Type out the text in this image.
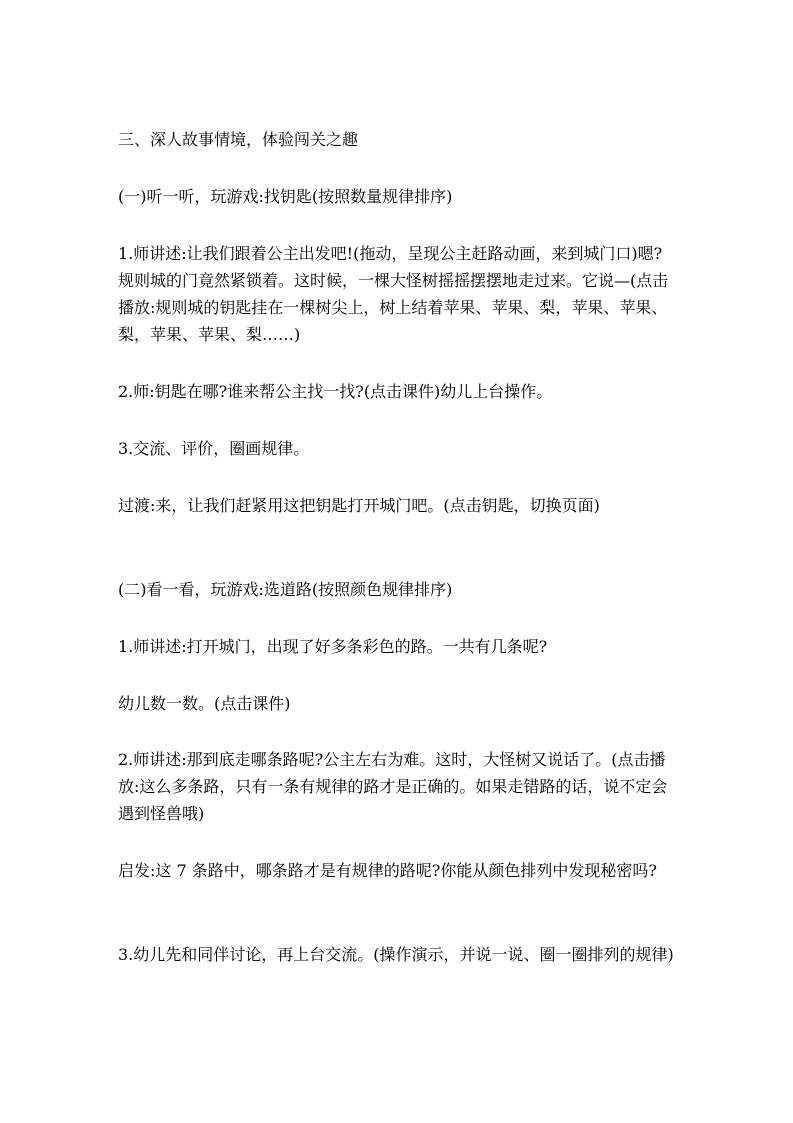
三、深人故事情境，体验闯关之趣

(一)听一听，玩游戏:找钥匙(按照数量规律排序)

1.师讲述:让我们跟着公主出发吧!(拖动，呈现公主赶路动画，来到城门口)嗯?规则城的门竟然紧锁着。这时候，一棵大怪树摇摇摆摆地走过来。它说—(点击播放:规则城的钥匙挂在一棵树尖上，树上结着苹果、苹果、梨，苹果、苹果、梨，苹果、苹果、梨……)

2.师:钥匙在哪?谁来帮公主找一找?(点击课件)幼儿上台操作。

3.交流、评价，圈画规律。

过渡:来，让我们赶紧用这把钥匙打开城门吧。(点击钥匙，切换页面)

(二)看一看，玩游戏:选道路(按照颜色规律排序)

1.师讲述:打开城门，出现了好多条彩色的路。一共有几条呢?

幼儿数一数。(点击课件)

2.师讲述:那到底走哪条路呢?公主左右为难。这时，大怪树又说话了。(点击播放:这么多条路，只有一条有规律的路才是正确的。如果走错路的话，说不定会遇到怪兽哦)

启发:这 7 条路中，哪条路才是有规律的路呢?你能从颜色排列中发现秘密吗?

3.幼儿先和同伴讨论，再上台交流。(操作演示，并说一说、圈一圈排列的规律)
